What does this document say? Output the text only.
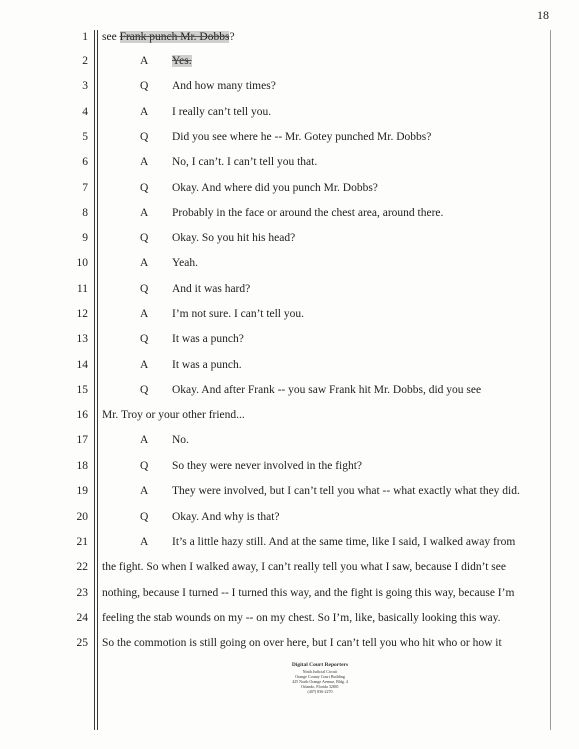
18
1 see Frank punch Mr. Dobbs?
2	A Yes.
3	Q And how many times?
4	A I really can’t tell you.
5	Q Did you see where he -- Mr. Gotey punched Mr. Dobbs?
6	A No, I can’t. I can’t tell you that.
7	Q Okay. And where did you punch Mr. Dobbs?
8	A Probably in the face or around the chest area, around there.
9	Q Okay. So you hit his head?
10	A Yeah.
11	Q And it was hard?
12	A I’m not sure. I can’t tell you.
13	Q It was a punch?
14	A It was a punch.
15	Q Okay. And after Frank -- you saw Frank hit Mr. Dobbs, did you see
16 Mr. Troy or your other friend...
17	A No.
18	Q So they were never involved in the fight?
19	A They were involved, but I can’t tell you what -- what exactly what they did.
20	Q Okay. And why is that?
21	A It’s a little hazy still. And at the same time, like I said, I walked away from
22 the fight. So when I walked away, I can’t really tell you what I saw, because I didn’t see
23 nothing, because I turned -- I turned this way, and the fight is going this way, because I’m
24 feeling the stab wounds on my -- on my chest. So I’m, like, basically looking this way.
25 So the commotion is still going on over here, but I can’t tell you who hit who or how it
Digital Court Reporters
Ninth Judicial Circuit
Orange County Court Building
425 North Orange Avenue, Bldg. 4
Orlando, Florida 32801
(407) 836-2270
